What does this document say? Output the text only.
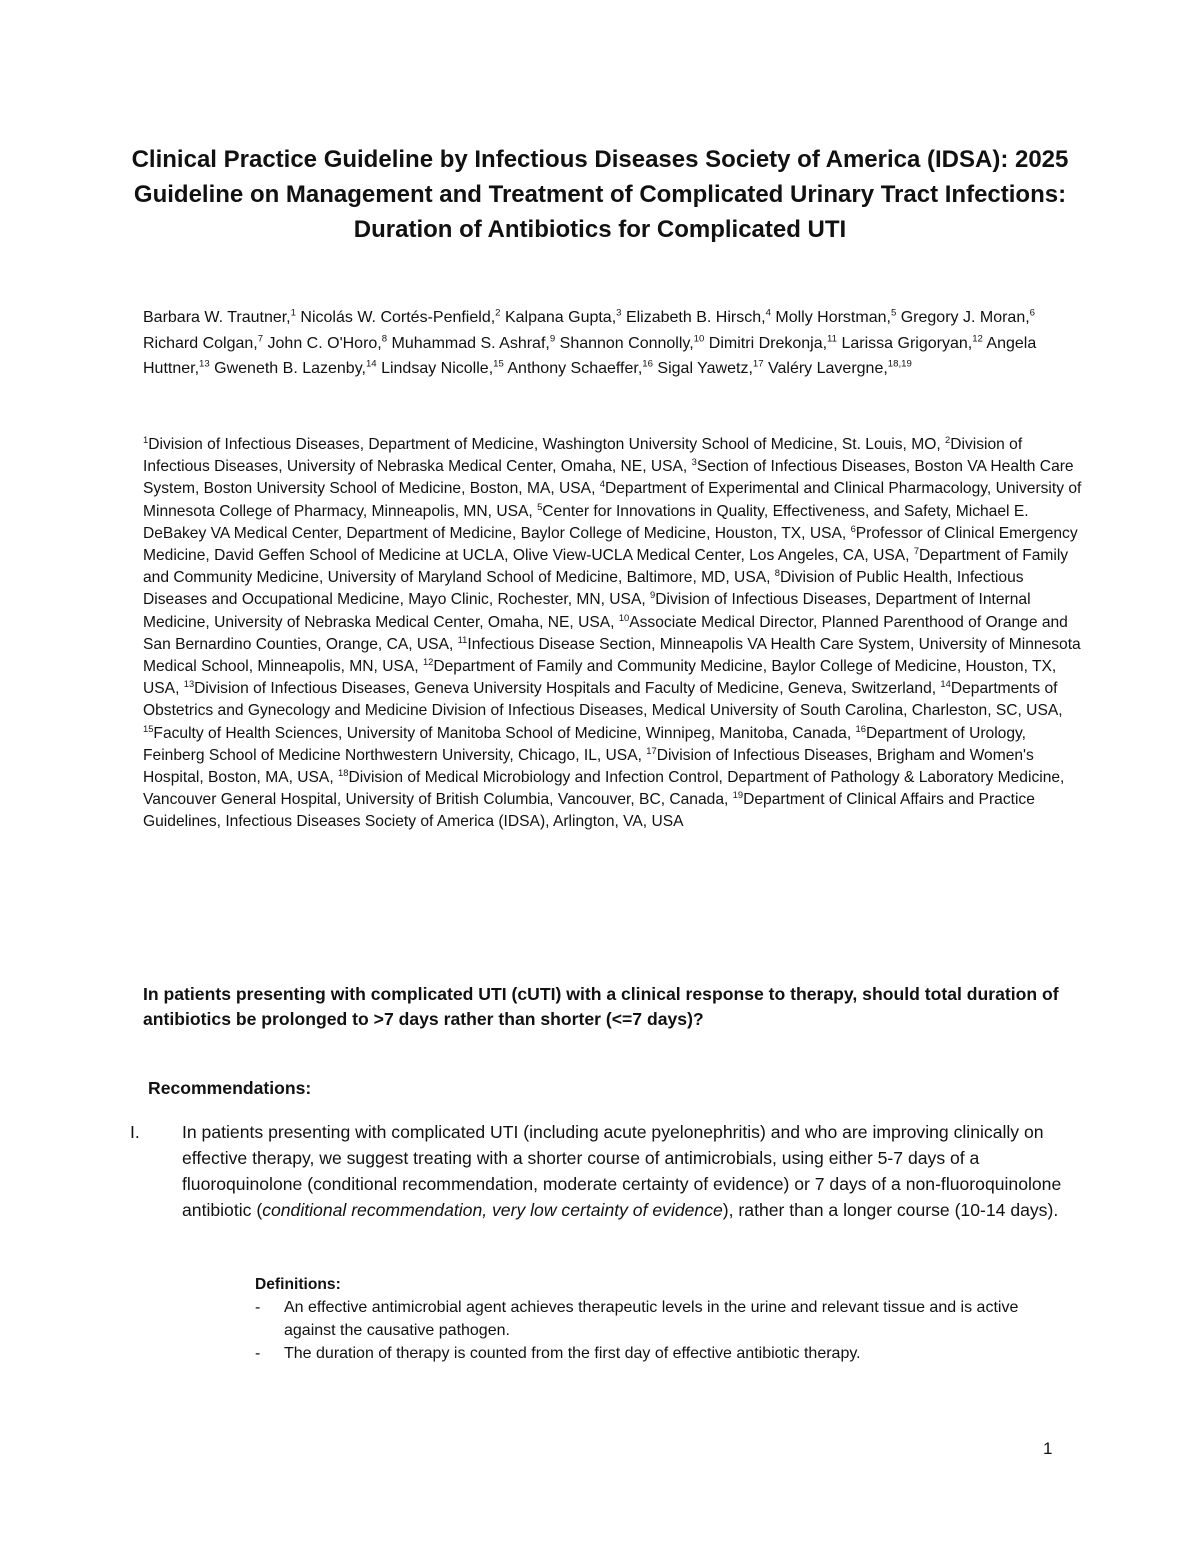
Clinical Practice Guideline by Infectious Diseases Society of America (IDSA): 2025 Guideline on Management and Treatment of Complicated Urinary Tract Infections: Duration of Antibiotics for Complicated UTI

Barbara W. Trautner,$^1$ Nicolás W. Cortés-Penfield,$^2$ Kalpana Gupta,$^3$ Elizabeth B. Hirsch,$^4$ Molly Horstman,$^5$ Gregory J. Moran,$^6$ Richard Colgan,$^7$ John C. O'Horo,$^8$ Muhammad S. Ashraf,$^9$ Shannon Connolly,$^{10}$ Dimitri Drekonja,$^{11}$ Larissa Grigoryan,$^{12}$ Angela Huttner,$^{13}$ Gweneth B. Lazenby,$^{14}$ Lindsay Nicolle,$^{15}$ Anthony Schaeffer,$^{16}$ Sigal Yawetz,$^{17}$ Valéry Lavergne,$^{18,19}$

$^1$Division of Infectious Diseases, Department of Medicine, Washington University School of Medicine, St. Louis, MO, $^2$Division of Infectious Diseases, University of Nebraska Medical Center, Omaha, NE, USA, $^3$Section of Infectious Diseases, Boston VA Health Care System, Boston University School of Medicine, Boston, MA, USA, $^4$Department of Experimental and Clinical Pharmacology, University of Minnesota College of Pharmacy, Minneapolis, MN, USA, $^5$Center for Innovations in Quality, Effectiveness, and Safety, Michael E. DeBakey VA Medical Center, Department of Medicine, Baylor College of Medicine, Houston, TX, USA, $^6$Professor of Clinical Emergency Medicine, David Geffen School of Medicine at UCLA, Olive View-UCLA Medical Center, Los Angeles, CA, USA, $^7$Department of Family and Community Medicine, University of Maryland School of Medicine, Baltimore, MD, USA, $^8$Division of Public Health, Infectious Diseases and Occupational Medicine, Mayo Clinic, Rochester, MN, USA, $^9$Division of Infectious Diseases, Department of Internal Medicine, University of Nebraska Medical Center, Omaha, NE, USA, $^{10}$Associate Medical Director, Planned Parenthood of Orange and San Bernardino Counties, Orange, CA, USA, $^{11}$Infectious Disease Section, Minneapolis VA Health Care System, University of Minnesota Medical School, Minneapolis, MN, USA, $^{12}$Department of Family and Community Medicine, Baylor College of Medicine, Houston, TX, USA, $^{13}$Division of Infectious Diseases, Geneva University Hospitals and Faculty of Medicine, Geneva, Switzerland, $^{14}$Departments of Obstetrics and Gynecology and Medicine Division of Infectious Diseases, Medical University of South Carolina, Charleston, SC, USA, $^{15}$Faculty of Health Sciences, University of Manitoba School of Medicine, Winnipeg, Manitoba, Canada, $^{16}$Department of Urology, Feinberg School of Medicine Northwestern University, Chicago, IL, USA, $^{17}$Division of Infectious Diseases, Brigham and Women's Hospital, Boston, MA, USA, $^{18}$Division of Medical Microbiology and Infection Control, Department of Pathology & Laboratory Medicine, Vancouver General Hospital, University of British Columbia, Vancouver, BC, Canada, $^{19}$Department of Clinical Affairs and Practice Guidelines, Infectious Diseases Society of America (IDSA), Arlington, VA, USA

In patients presenting with complicated UTI (cUTI) with a clinical response to therapy, should total duration of antibiotics be prolonged to >7 days rather than shorter (<=7 days)?

Recommendations:

I.	In patients presenting with complicated UTI (including acute pyelonephritis) and who are improving clinically on effective therapy, we suggest treating with a shorter course of antimicrobials, using either 5-7 days of a fluoroquinolone (conditional recommendation, moderate certainty of evidence) or 7 days of a non-fluoroquinolone antibiotic (conditional recommendation, very low certainty of evidence), rather than a longer course (10-14 days).

Definitions:

-	An effective antimicrobial agent achieves therapeutic levels in the urine and relevant tissue and is active against the causative pathogen.
-	The duration of therapy is counted from the first day of effective antibiotic therapy.
1
